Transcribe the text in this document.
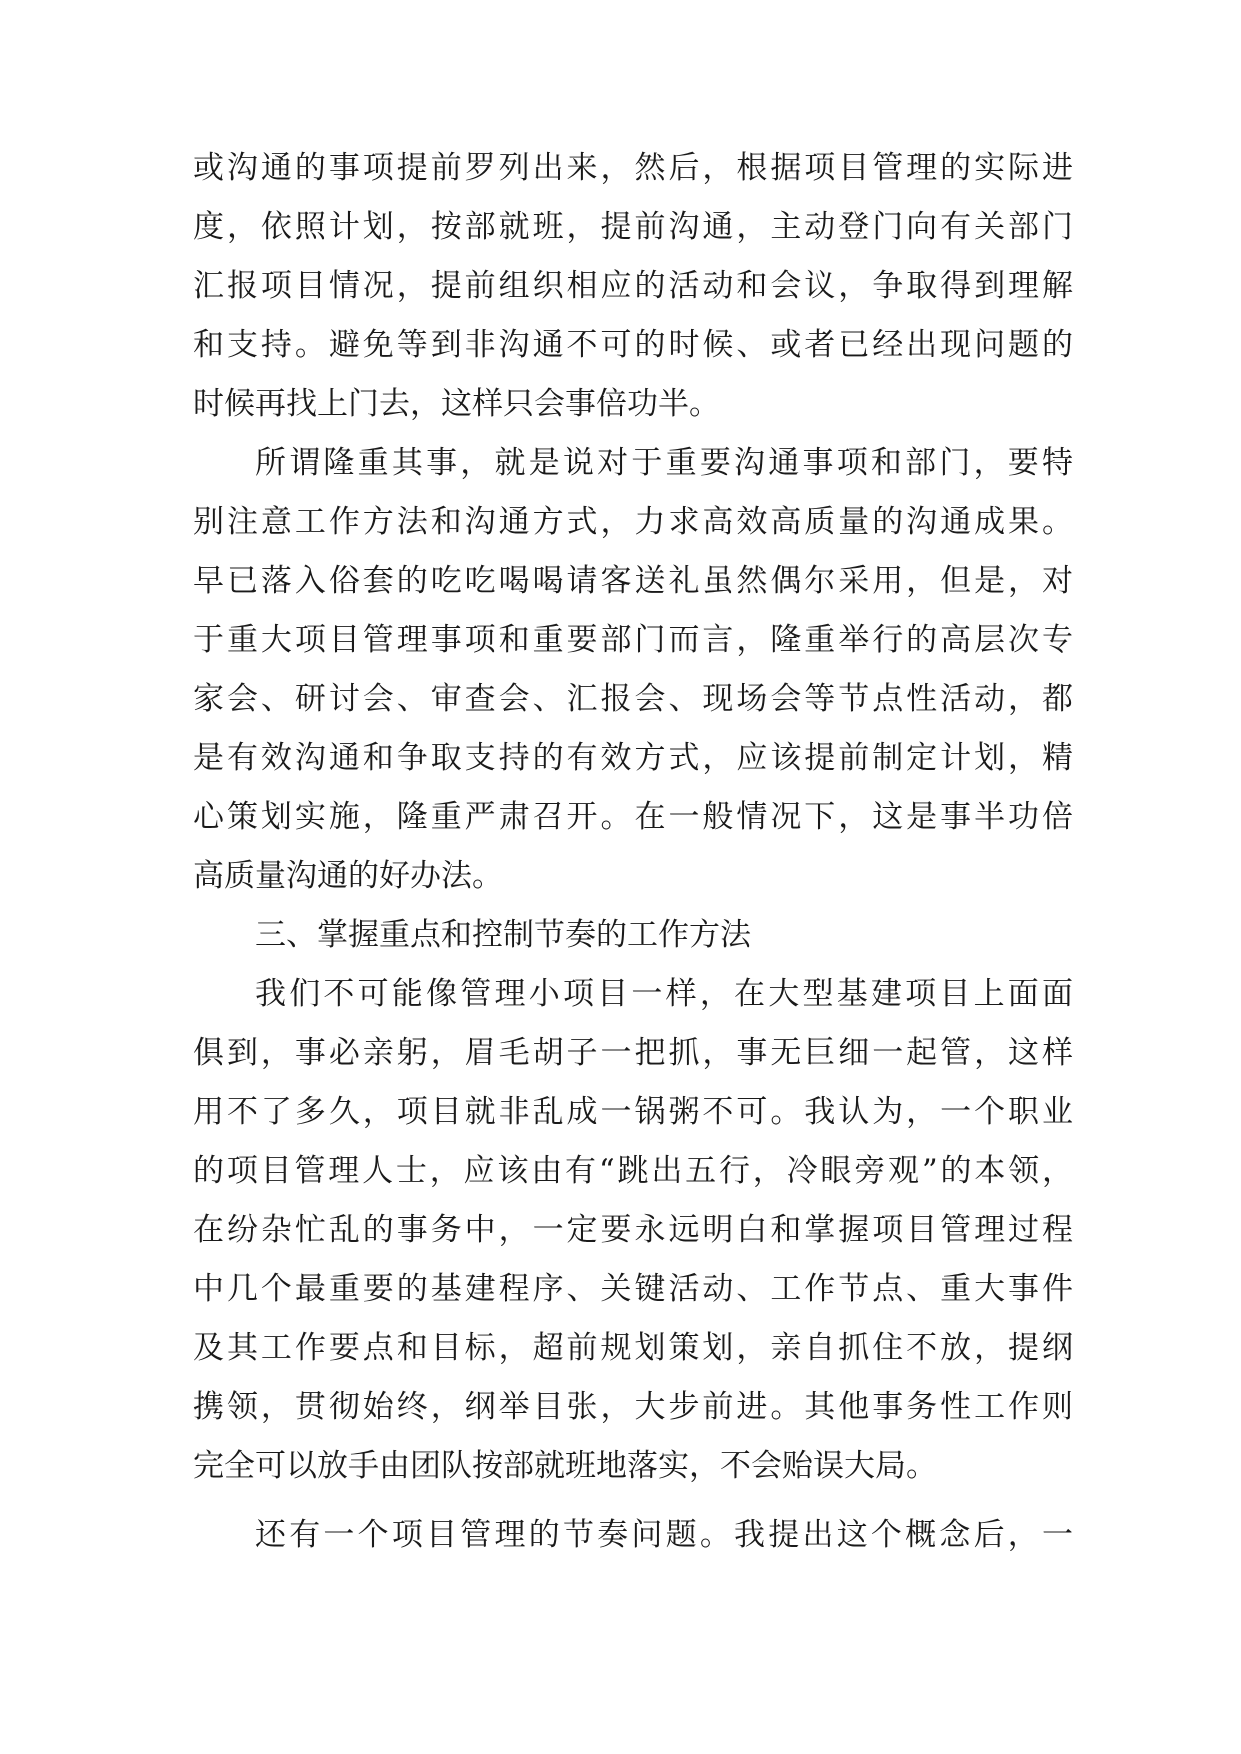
或沟通的事项提前罗列出来，然后，根据项目管理的实际进
度，依照计划，按部就班，提前沟通，主动登门向有关部门
汇报项目情况，提前组织相应的活动和会议，争取得到理解
和支持。避免等到非沟通不可的时候、或者已经出现问题的
时候再找上门去，这样只会事倍功半。
所谓隆重其事，就是说对于重要沟通事项和部门，要特
别注意工作方法和沟通方式，力求高效高质量的沟通成果。
早已落入俗套的吃吃喝喝请客送礼虽然偶尔采用，但是，对
于重大项目管理事项和重要部门而言，隆重举行的高层次专
家会、研讨会、审查会、汇报会、现场会等节点性活动，都
是有效沟通和争取支持的有效方式，应该提前制定计划，精
心策划实施，隆重严肃召开。在一般情况下，这是事半功倍
高质量沟通的好办法。
三、掌握重点和控制节奏的工作方法
我们不可能像管理小项目一样，在大型基建项目上面面
俱到，事必亲躬，眉毛胡子一把抓，事无巨细一起管，这样
用不了多久，项目就非乱成一锅粥不可。我认为，一个职业
的项目管理人士，应该由有“跳出五行，冷眼旁观”的本领，
在纷杂忙乱的事务中，一定要永远明白和掌握项目管理过程
中几个最重要的基建程序、关键活动、工作节点、重大事件
及其工作要点和目标，超前规划策划，亲自抓住不放，提纲
携领，贯彻始终，纲举目张，大步前进。其他事务性工作则
完全可以放手由团队按部就班地落实，不会贻误大局。
还有一个项目管理的节奏问题。我提出这个概念后，一
